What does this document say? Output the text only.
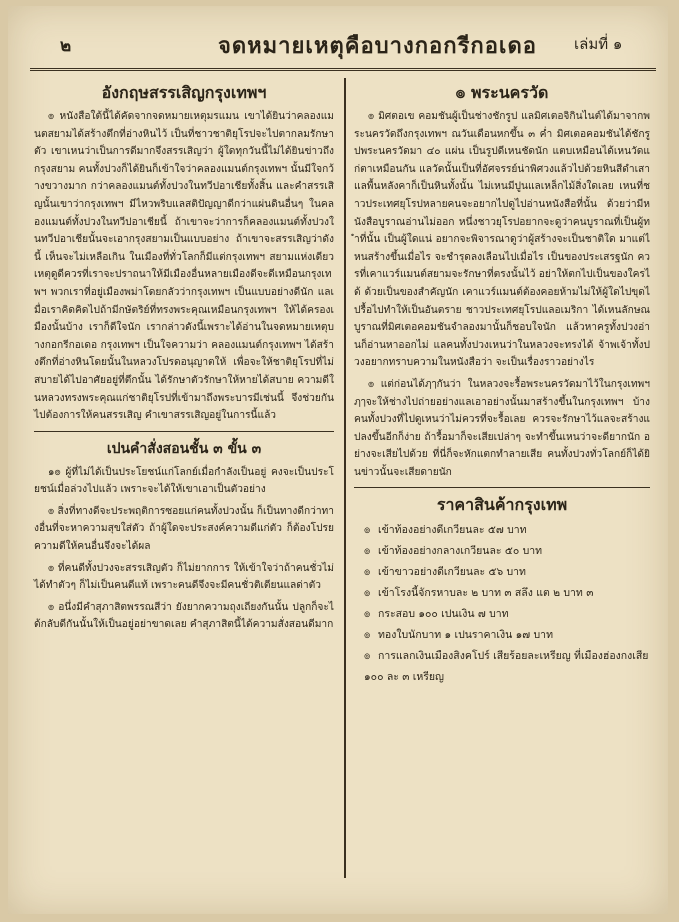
๒	จดหมายเหตุคือบางกอกรีกอเดอ เล่มที่ ๑
อังกฤษสรรเสิญกรุงเทพฯ

๏ หนังสือใต้นี้ได้คัดจากจดหมายเหตุมรแมน เขาได้ยินว่าคลองแมนตสยามได้สร้างตึกที่อ่างหินไว้ เป็นที่ชาวชาติยุโรปจะไปตากลมรักษาตัว เขาเหนว่าเป็นการดีมากจึงสรรเสิญว่า ผู้ใดทุกวันนี้ไม่ได้ยินข่าวถึงกรุงสยาม คนทั้งปวงก็ได้ยินก็เข้าใจว่าคลองแมนต์กรุงเทพฯ นั้นมีใจกว้างขวางมาก กว่าคลองแมนต์ทั้งปวงในทวีปอาเชียทั้งสิ้น และคำสรรเสิญนั้นเขาว่ากรุงเทพฯ มีไหวพริบแลสติปัญญาดีกว่าแผ่นดินอื่นๆ ในคลองแมนต์ทั้งปวงในทวีปอาเชียนี้ ถ้าเขาจะว่าการก็คลองแมนต์ทั้งปวงในทวีปอาเชียนั้นจะเอากรุงสยามเป็นแบบอย่าง ถ้าเขาจะสรรเสิญว่าดังนี้ เห็นจะไม่เหลือเกิน ในเมืองที่ทั่วโลกก็มีแต่กรุงเทพฯ สยามแห่งเดียว เหตุดูดีควรที่เราจะปราถนาให้มีเมืองอื่นหลายเมืองดีจะดีเหมือนกรุงเทพฯ พวกเราที่อยู่เมืองพม่าโดยกลัวว่ากรุงเทพฯ เป็นแบบอย่างดีนัก แลเมื่อเราคิดคิดไปถ้ามีกษัตริย์ที่ทรงพระคุณเหมือนกรุงเทพฯ ให้ได้ครองเมืองนั้นบ้าง เราก็ดีใจนัก เรากล่าวดังนี้เพราะได้อ่านในจดหมายเหตุบางกอกรีกอเดอ กรุงเทพฯ เป็นใจความว่า คลองแมนต์กรุงเทพฯ ได้สร้างตึกที่อ่างหินโดยนั้นในหลวงโปรดอนุญาตให้ เพื่อจะให้ชาติยุโรปที่ไม่สบายได้ไปอาศัยอยู่ที่ตึกนั้น ได้รักษาตัวรักษาให้หายได้สบาย ความดีในหลวงทรงพระคุณแก่ชาติยุโรปที่เข้ามาถึงพระบารมีเช่นนี้ จึงช่วยกันไปต้องการให้คนสรรเสิญ คำเขาสรรเสิญอยู่ในการนี้แล้ว

เปนคำสั่งสอนชั้น ๓ ขั้น ๓

๑๏ ผู้ที่ไม่ได้เป็นประโยชน์แก่โลกย์เมื่อกำลังเป็นอยู่ คงจะเป็นประโยชน์เมื่อล่วงไปแล้ว เพราะจะได้ให้เขาเอาเป็นตัวอย่าง

๏ สิ่งที่ทางดีจะประพฤติการซอยแก่คนทั้งปวงนั้น ก็เป็นทางดีกว่าทางอื่นที่จะหาความสุขใส่ตัว ถ้าผู้ใดจะประสงค์ความดีแก่ตัว ก็ต้องโปรยความดีให้คนอื่นจึงจะได้ผล

๏ ที่คนดีทั้งปวงจะสรรเสิญตัว ก็ไม่ยากการ ให้เข้าใจว่าถ้าคนชั่วไม่ได้ทำตัวๆ ก็ไม่เป็นคนดีแท้ เพราะคนดีจึงจะมีคนชั่วติเตียนแลด่าตัว

๏ อนึ่งมีคำสุภาสิตพรรณสีว่า ยังยากความถุงเถียงกันนั้น ปลูกก็จะได้กลับดีกันนั้นให้เป็นอยู่อย่าขาดเลย คำสุภาสิตนี้ได้ความสั่งสอนดีมาก

๏ พระนครวัด

๏ มิศตอเข คอมชันผู้เป็นช่างชักรูป แลมิศเตอจิกินไนต์ได้มาจากพระนครวัดถึงกรุงเทพฯ ณวันเดือนหกขึ้น ๓ ค่ำ มิศเตอคอมชันได้ชักรูปพระนครวัดมา ๔๐ แผ่น เป็นรูปดีเหนชัดนัก แตบเหมือนได้เหนวัดแก่ตาเหมือนกัน แลวัดนั้นเป็นที่อัศจรรย์น่าพิศวงแล้วไปด้วยหินสีดำเสาแลพื้นหลังคาก็เป็นหินทั้งนั้น ไม่เหนมีปูนแลเหล็กไม้สิ่งใดเลย เหนที่ชาวประเทศยุโรปหลายคนจะอยากไปดูไปอ่านหนังสือที่นั้น ด้วยว่ามีหนังสือบูราณอ่านไม่ออก หนึ่งชาวยุโรปอยากจะดูว่าคนบูราณที่เป็นผู้ทำที่นั้น เป็นผู้ใดแน่ อยากจะพิจารณาดูว่าผู้สร้างจะเป็นชาติใด มาแต่ไหนสร้างขึ้นเมื่อไร จะชำรุดลงเลือนไปเมื่อไร เป็นของประเสรฐนัก ควรที่เคาแวร์แมนต์สยามจะรักษาที่ตรงนั้นไว้ อย่าให้ตกไปเป็นของใครได้ ด้วยเป็นของสำคัญนัก เคาแวร์แมนต์ต้องคอยห้ามไม่ให้ผู้ใดไปขุดไปรื้อไปทำให้เป็นอันตราย ชาวประเทศยุโรปแลอเมริกา ได้เหนลักษณบูราณที่มิศเตอคอมชันจำลองมานั้นก็ชอบใจนัก แล้วหาครูทั้งปวงอ่านก็อ่านหาออกไม่ แลคนทั้งปวงเหนว่าในหลวงจะทรงได้ จ้าพเจ้าทั้งปวงอยากทราบความในหนังสือว่า จะเป็นเรื่องราวอย่างไร

๏ แต่ก่อนได้ฦๅกันว่า ในหลวงจะรื้อพระนครวัดมาไว้ในกรุงเทพฯ ฦๅจะให้ช่างไปถ่ายอย่างแลเอาอย่างนั้นมาสร้างขึ้นในกรุงเทพฯ บ้าง คนทั้งปวงที่ไปดูเหนว่าไม่ควรที่จะรื้อเลย ควรจะรักษาไว้แลจะสร้างแปลงขึ้นอีกก็ง่าย ถ้ารื้อมาก็จะเสียเปล่าๆ จะทำขึ้นเหนว่าจะดียากนัก อย่างจะเสียไปด้วย ที่นี่ก็จะหักแตกทำลายเสีย คนทั้งปวงทั่วโลกย์ก็ได้ยินข่าวนั้นจะเสียดายนัก

ราคาสินค้ากรุงเทพ
๏ เข้าท้องอย่างดีเกวียนละ ๕๗ บาท
๏ เข้าท้องอย่างกลางเกวียนละ ๕๐ บาท
๏ เข้าขาวอย่างดีเกวียนละ ๕๖ บาท
๏ เข้าโรงนี้จักรหาบละ ๒ บาท ๓ สลึง แต ๒ บาท ๓
๏ กระสอบ ๑๐๐ เปนเงิน ๗ บาท
๏ ทองใบนักบาท ๑ เปนราคาเงิน ๑๗ บาท
๏ การแลกเงินเมืองสิงคโปร์ เสียร้อยละเหรียญ ที่เมืองฮ่องกงเสีย ๑๐๐ ละ ๓ เหรียญ
